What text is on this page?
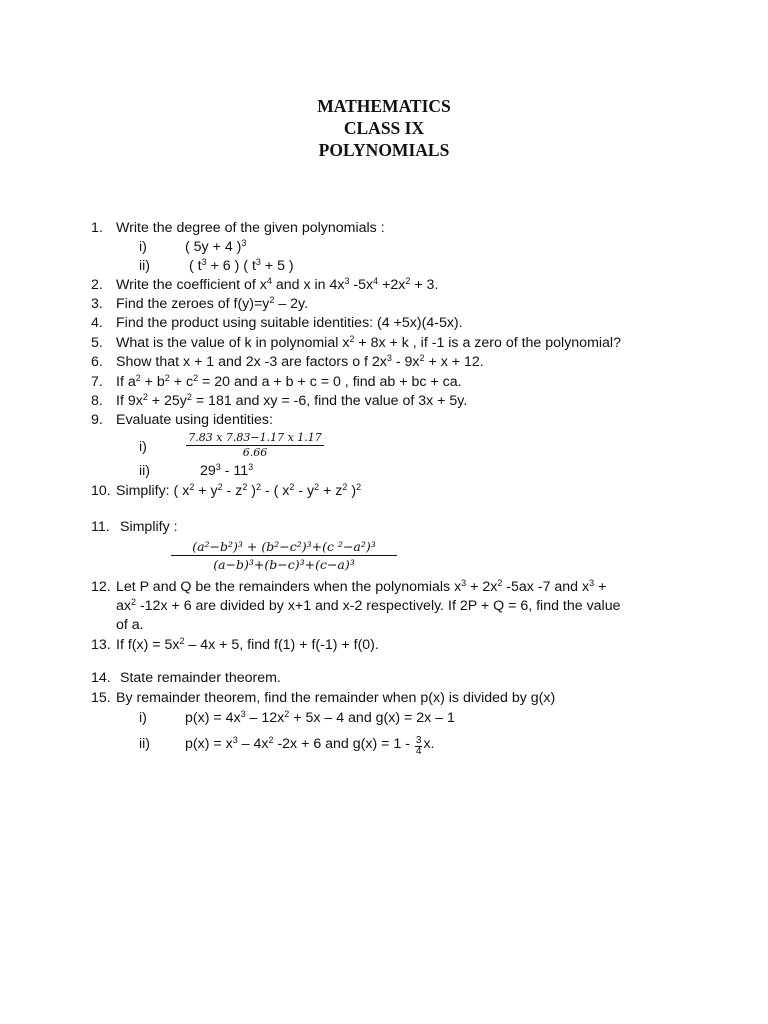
MATHEMATICS
CLASS IX
POLYNOMIALS
1. Write the degree of the given polynomials :
i)	( 5y + 4 )$^3$
ii)	( $t^3 + 6$ ) ( $t^3 + 5$ )
2. Write the coefficient of $x^4$ and x in $4x^3$ $-5x^4 +2x^2 + 3$.
3. Find the zeroes of $f(y)=y^2 - 2y$.
4. Find the product using suitable identities: (4 +5x)(4-5x).
5. What is the value of k in polynomial $x^2 + 8x + k$ , if -1 is a zero of the polynomial?
6. Show that x + 1 and 2x -3 are factors o f $2x^3 - 9x^2 + x + 12$.
7. If $a^2 + b^2 + c^2 = 20$ and a + b + c = 0 , find ab + bc + ca.
8. If $9x^2 + 25y^2 = 181$ and xy = -6, find the value of 3x + 5y.
9. Evaluate using identities:
i)	$\frac{7.83 x 7.83-1.17 x 1.17}{6.66}$
ii)	$29^3 - 11^3$
10. Simplify: ( $x^2 + y^2 - z^2$ )$^2$ - ( $x^2 - y^2 + z^2$ )$^2$
11. Simplify :
$\frac{\text{(a²−b²)³ + (b²−c²)³+(c ²−a²)³}}{\text{(a−b)³+(b−c)³+(c−a)³}}$
12. Let P and Q be the remainders when the polynomials $x^3 + 2x^2$ -5ax -7 and $x^3$ +
$ax^2$ -12x + 6 are divided by x+1 and x-2 respectively. If 2P + Q = 6, find the value
of a.
13. If $f(x) = 5x^2 - 4x + 5$, find f(1) + f(-1) + f(0).
14. State remainder theorem.
15. By remainder theorem, find the remainder when p(x) is divided by g(x)
i)	$p(x) = 4x^3 - 12x^2 + 5x - 4$ and g(x) = 2x – 1
ii) $p(x) = x^3 - 4x^2$ -2x + 6 and $g(x) = 1 - \frac{3}{4} x$.
